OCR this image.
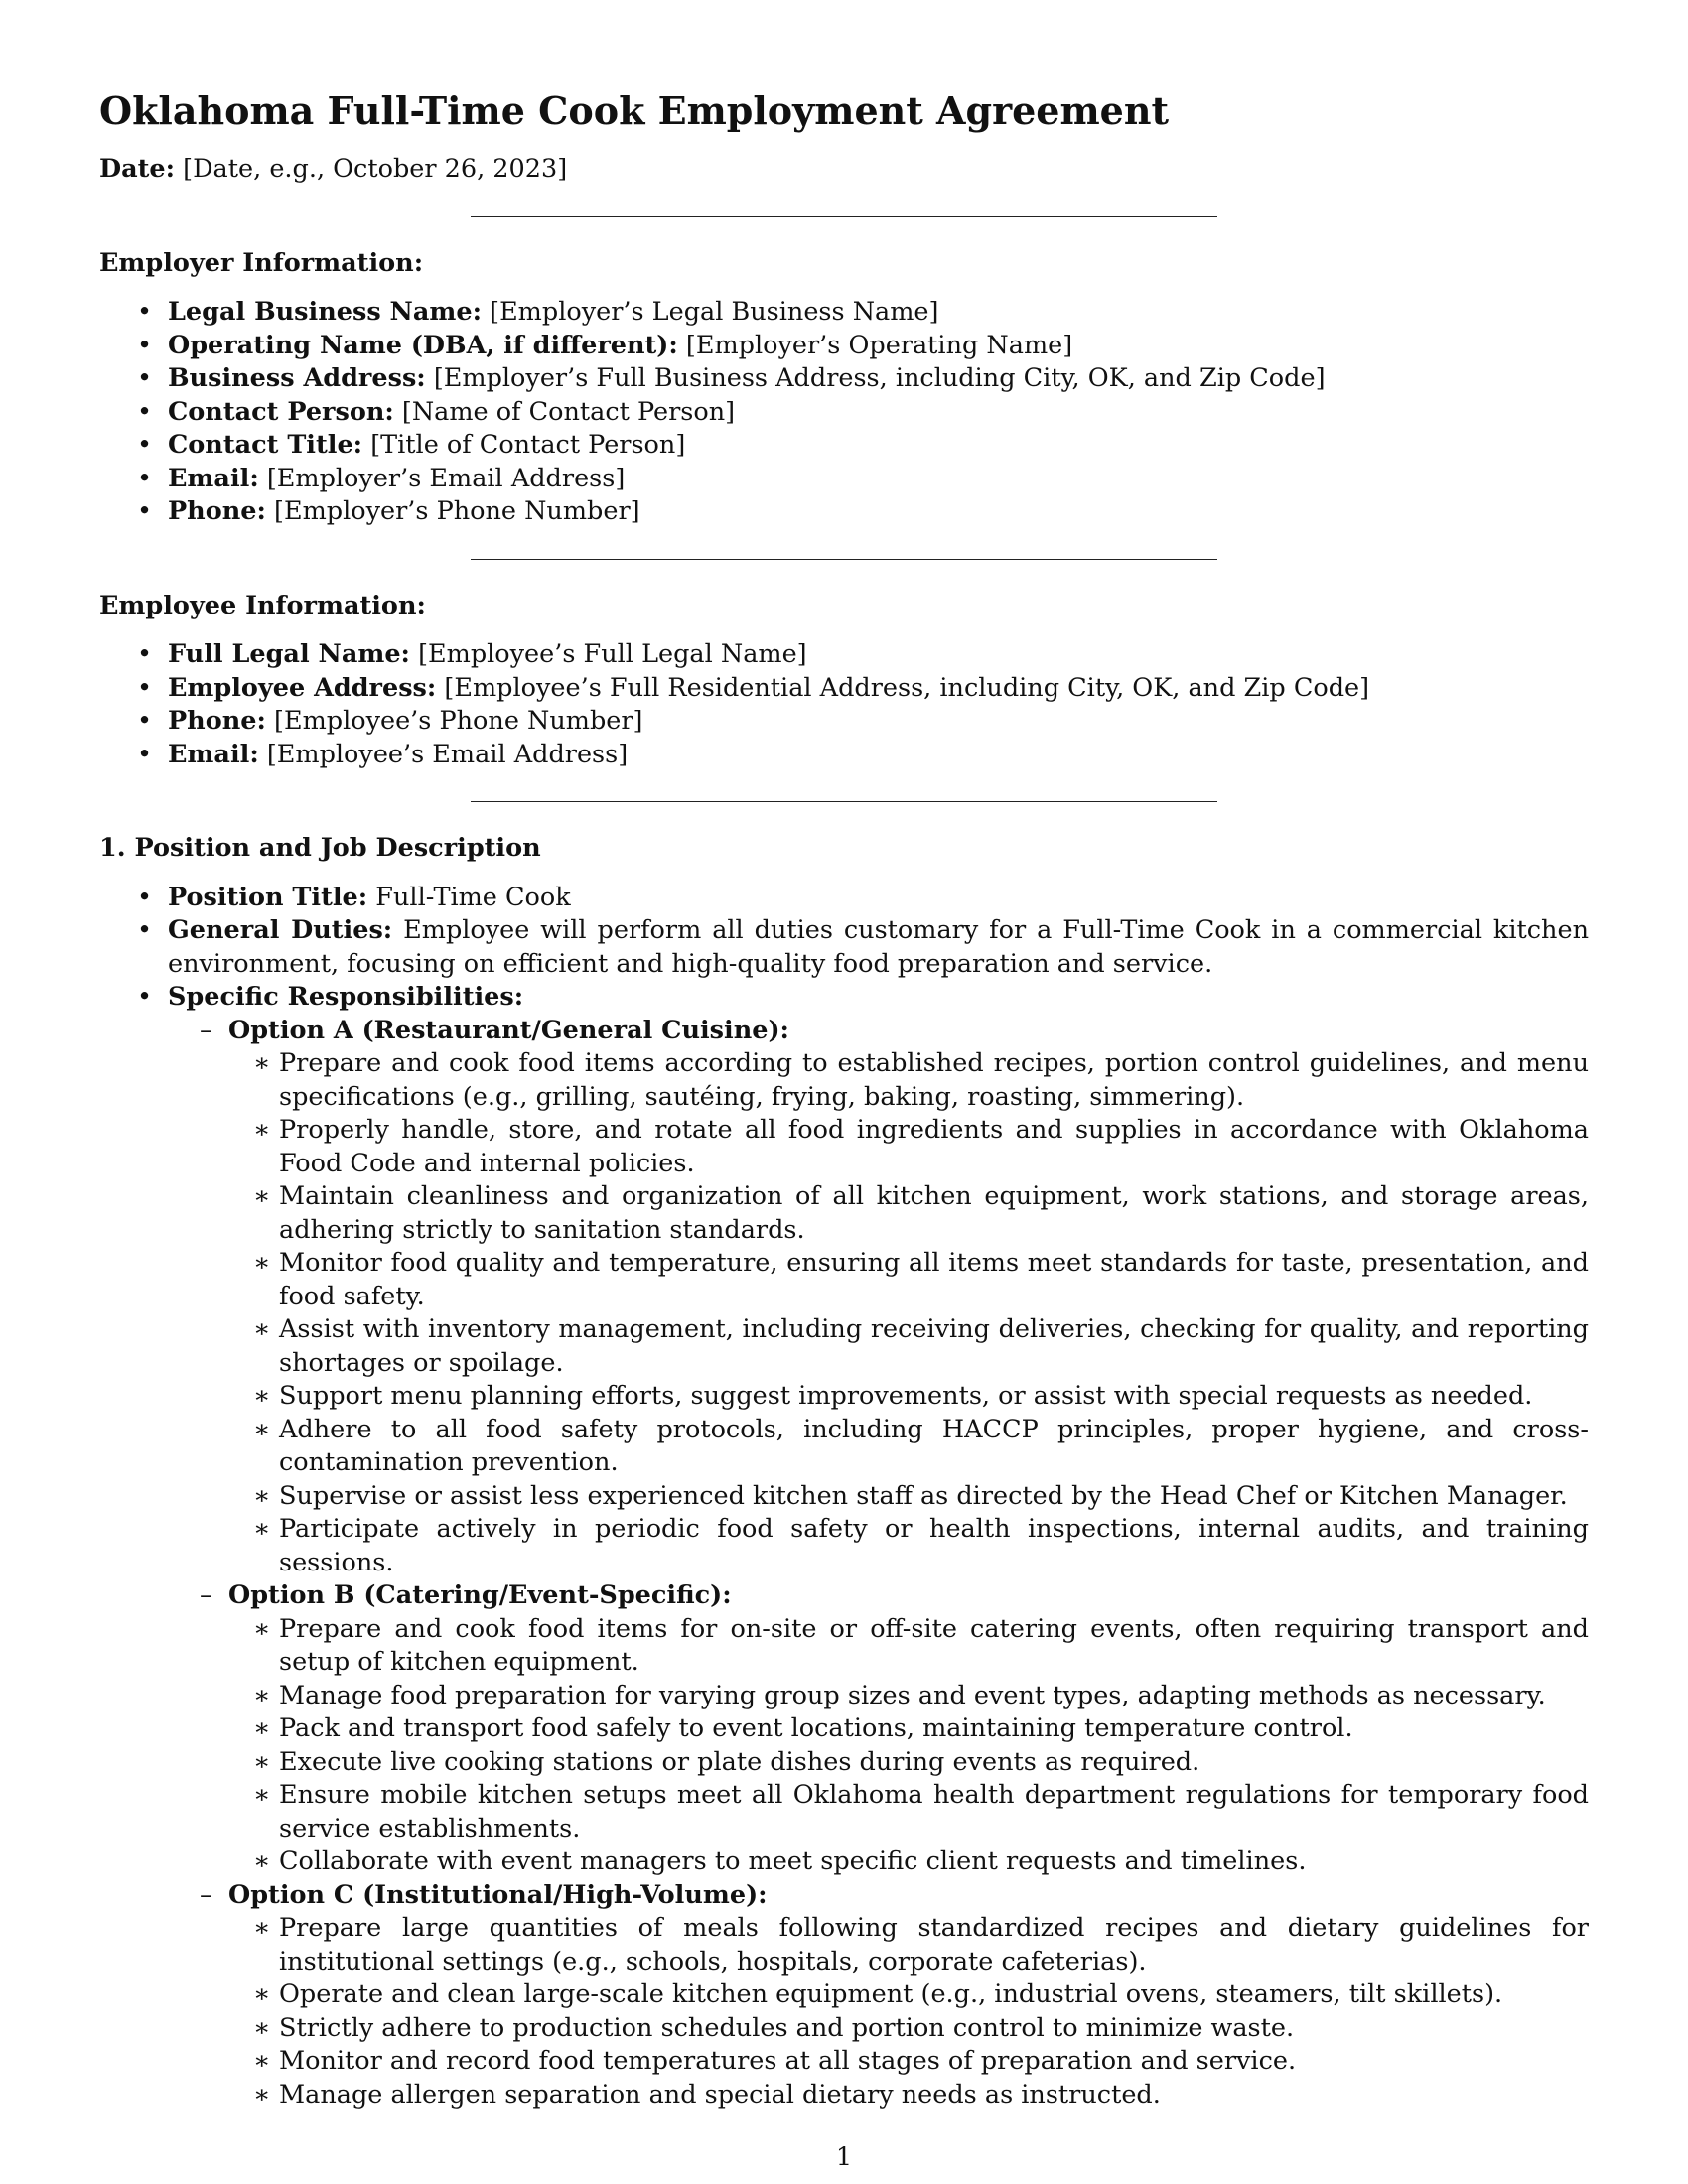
Oklahoma Full-Time Cook Employment Agreement
Date: [Date, e.g., October 26, 2023]
Employer Information:
• Legal Business Name: [Employer’s Legal Business Name]
• Operating Name (DBA, if different): [Employer’s Operating Name]
• Business Address: [Employer’s Full Business Address, including City, OK, and Zip Code]
• Contact Person: [Name of Contact Person]
• Contact Title: [Title of Contact Person]
• Email: [Employer’s Email Address]
• Phone: [Employer’s Phone Number]
Employee Information:
• Full Legal Name: [Employee’s Full Legal Name]
• Employee Address: [Employee’s Full Residential Address, including City, OK, and Zip Code]
• Phone: [Employee’s Phone Number]
• Email: [Employee’s Email Address]
1. Position and Job Description
• Position Title: Full-Time Cook
• General Duties: Employee will perform all duties customary for a Full-Time Cook in a commercial kitchen environment, focusing on efficient and high-quality food preparation and service.
• Specific Responsibilities:
– Option A (Restaurant/General Cuisine):
∗ Prepare and cook food items according to established recipes, portion control guidelines, and menu specifications (e.g., grilling, sautéing, frying, baking, roasting, simmering).
∗ Properly handle, store, and rotate all food ingredients and supplies in accordance with Oklahoma Food Code and internal policies.
∗ Maintain cleanliness and organization of all kitchen equipment, work stations, and storage areas, adhering strictly to sanitation standards.
∗ Monitor food quality and temperature, ensuring all items meet standards for taste, presentation, and food safety.
∗ Assist with inventory management, including receiving deliveries, checking for quality, and reporting shortages or spoilage.
∗ Support menu planning efforts, suggest improvements, or assist with special requests as needed.
∗ Adhere to all food safety protocols, including HACCP principles, proper hygiene, and cross-contamination prevention.
∗ Supervise or assist less experienced kitchen staff as directed by the Head Chef or Kitchen Manager.
∗ Participate actively in periodic food safety or health inspections, internal audits, and training sessions.
– Option B (Catering/Event-Specific):
∗ Prepare and cook food items for on-site or off-site catering events, often requiring transport and setup of kitchen equipment.
∗ Manage food preparation for varying group sizes and event types, adapting methods as necessary.
∗ Pack and transport food safely to event locations, maintaining temperature control.
∗ Execute live cooking stations or plate dishes during events as required.
∗ Ensure mobile kitchen setups meet all Oklahoma health department regulations for temporary food service establishments.
∗ Collaborate with event managers to meet specific client requests and timelines.
– Option C (Institutional/High-Volume):
∗ Prepare large quantities of meals following standardized recipes and dietary guidelines for institutional settings (e.g., schools, hospitals, corporate cafeterias).
∗ Operate and clean large-scale kitchen equipment (e.g., industrial ovens, steamers, tilt skillets).
∗ Strictly adhere to production schedules and portion control to minimize waste.
∗ Monitor and record food temperatures at all stages of preparation and service.
∗ Manage allergen separation and special dietary needs as instructed.
1
